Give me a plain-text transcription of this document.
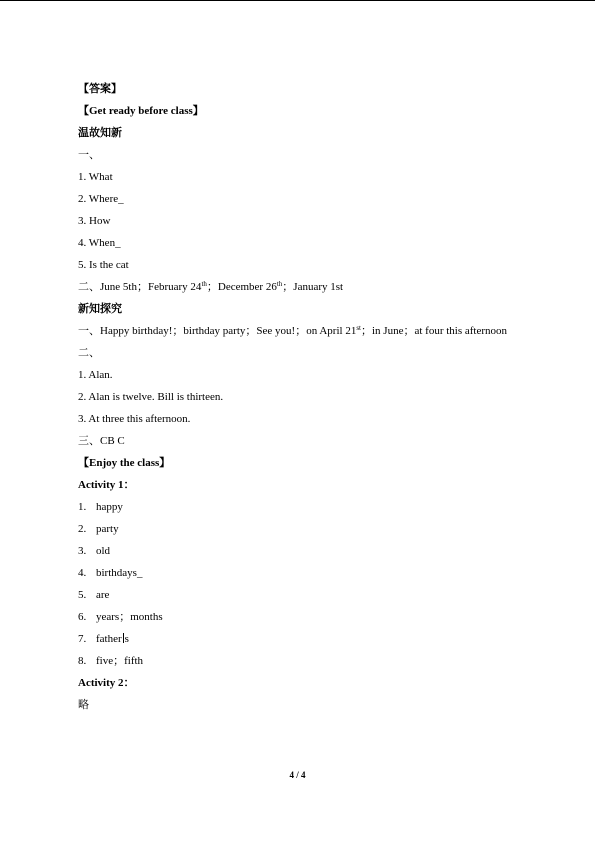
【答案】
【Get ready before class】
温故知新
一、
1. What
2. Where_
3. How
4. When_
5. Is the cat
二、June 5th；February 24th；December 26th；January 1st
新知探究
一、Happy birthday!；birthday party；See you!；on April 21st；in June；at four this afternoon
二、
1. Alan.
2. Alan is twelve. Bill is thirteen.
3. At three this afternoon.
三、CB C
【Enjoy the class】
Activity 1：
1. happy
2. party
3. old
4. birthdays_
5. are
6. years；months
7. father s
8. five；fifth
Activity 2：
略
4 / 4
